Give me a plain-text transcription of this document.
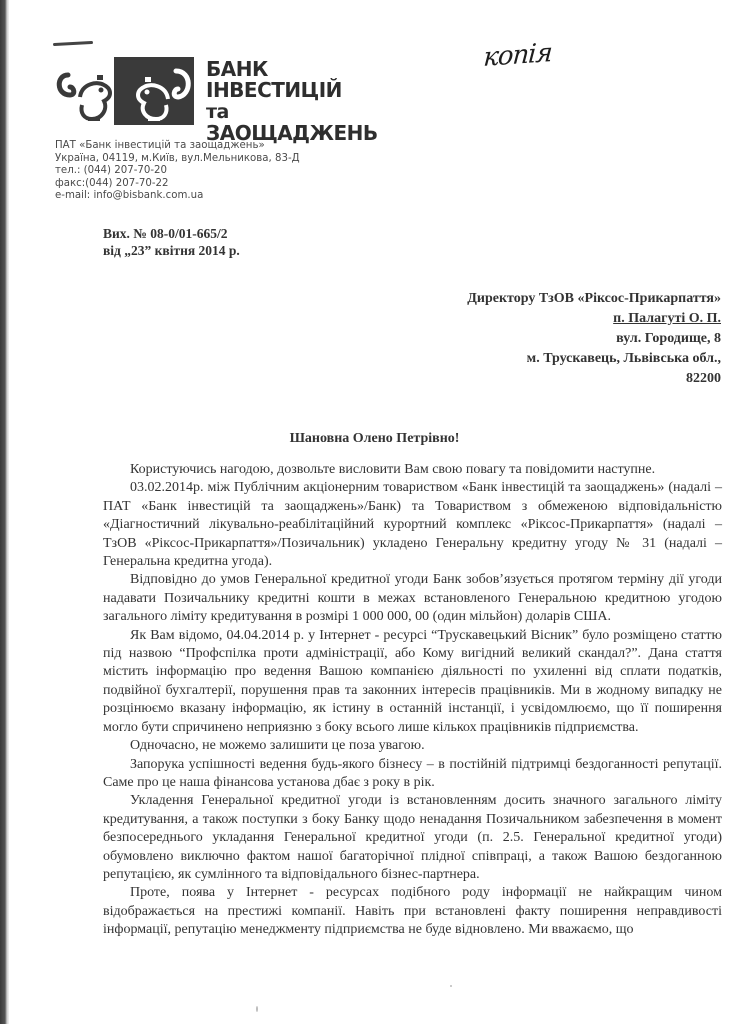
БАНК
ІНВЕСТИЦІЙ
та ЗАОЩАДЖЕНЬ
копія
ПАТ «Банк інвестицій та заощаджень»
Україна, 04119, м.Київ, вул.Мельникова, 83-Д
тел.: (044) 207-70-20
факс:(044) 207-70-22
e-mail: info@bisbank.com.ua
Вих. № 08-0/01-665/2
від „23” квітня 2014 р.
Директору ТзОВ «Ріксос-Прикарпаття»
п. Палагуті О. П.
вул. Городище, 8
м. Трускавець, Львівська обл.,
82200
Шановна Олено Петрівно!

Користуючись нагодою, дозвольте висловити Вам свою повагу та повідомити наступне.

03.02.2014р. між Публічним акціонерним товариством «Банк інвестицій та заощаджень» (надалі – ПАТ «Банк інвестицій та заощаджень»/Банк) та Товариством з обмеженою відповідальністю «Діагностичний лікувально-реабілітаційний курортний комплекс «Ріксос-Прикарпаття» (надалі – ТзОВ «Ріксос-Прикарпаття»/Позичальник) укладено Генеральну кредитну угоду № 31 (надалі – Генеральна кредитна угода).

Відповідно до умов Генеральної кредитної угоди Банк зобов’язується протягом терміну дії угоди надавати Позичальнику кредитні кошти в межах встановленого Генеральною кредитною угодою загального ліміту кредитування в розмірі 1 000 000, 00 (один мільйон) доларів США.

Як Вам відомо, 04.04.2014 р. у Інтернет - ресурсі “Трускавецький Вісник” було розміщено статтю під назвою “Профспілка проти адміністрації, або Кому вигідний великий скандал?”. Дана стаття містить інформацію про ведення Вашою компанією діяльності по ухиленні від сплати податків, подвійної бухгалтерії, порушення прав та законних інтересів працівників. Ми в жодному випадку не розцінюємо вказану інформацію, як істину в останній інстанції, і усвідомлюємо, що її поширення могло бути спричинено неприязню з боку всього лише кількох працівників підприємства.

Одночасно, не можемо залишити це поза увагою.

Запорука успішності ведення будь-якого бізнесу – в постійній підтримці бездоганності репутації. Саме про це наша фінансова установа дбає з року в рік.

Укладення Генеральної кредитної угоди із встановленням досить значного загального ліміту кредитування, а також поступки з боку Банку щодо ненадання Позичальником забезпечення в момент безпосереднього укладання Генеральної кредитної угоди (п. 2.5. Генеральної кредитної угоди) обумовлено виключно фактом нашої багаторічної плідної співпраці, а також Вашою бездоганною репутацією, як сумлінного та відповідального бізнес-партнера.

Проте, поява у Інтернет - ресурсах подібного роду інформації не найкращим чином відображається на престижі компанії. Навіть при встановлені факту поширення неправдивості інформації, репутацію менеджменту підприємства не буде відновлено. Ми вважаємо, що
